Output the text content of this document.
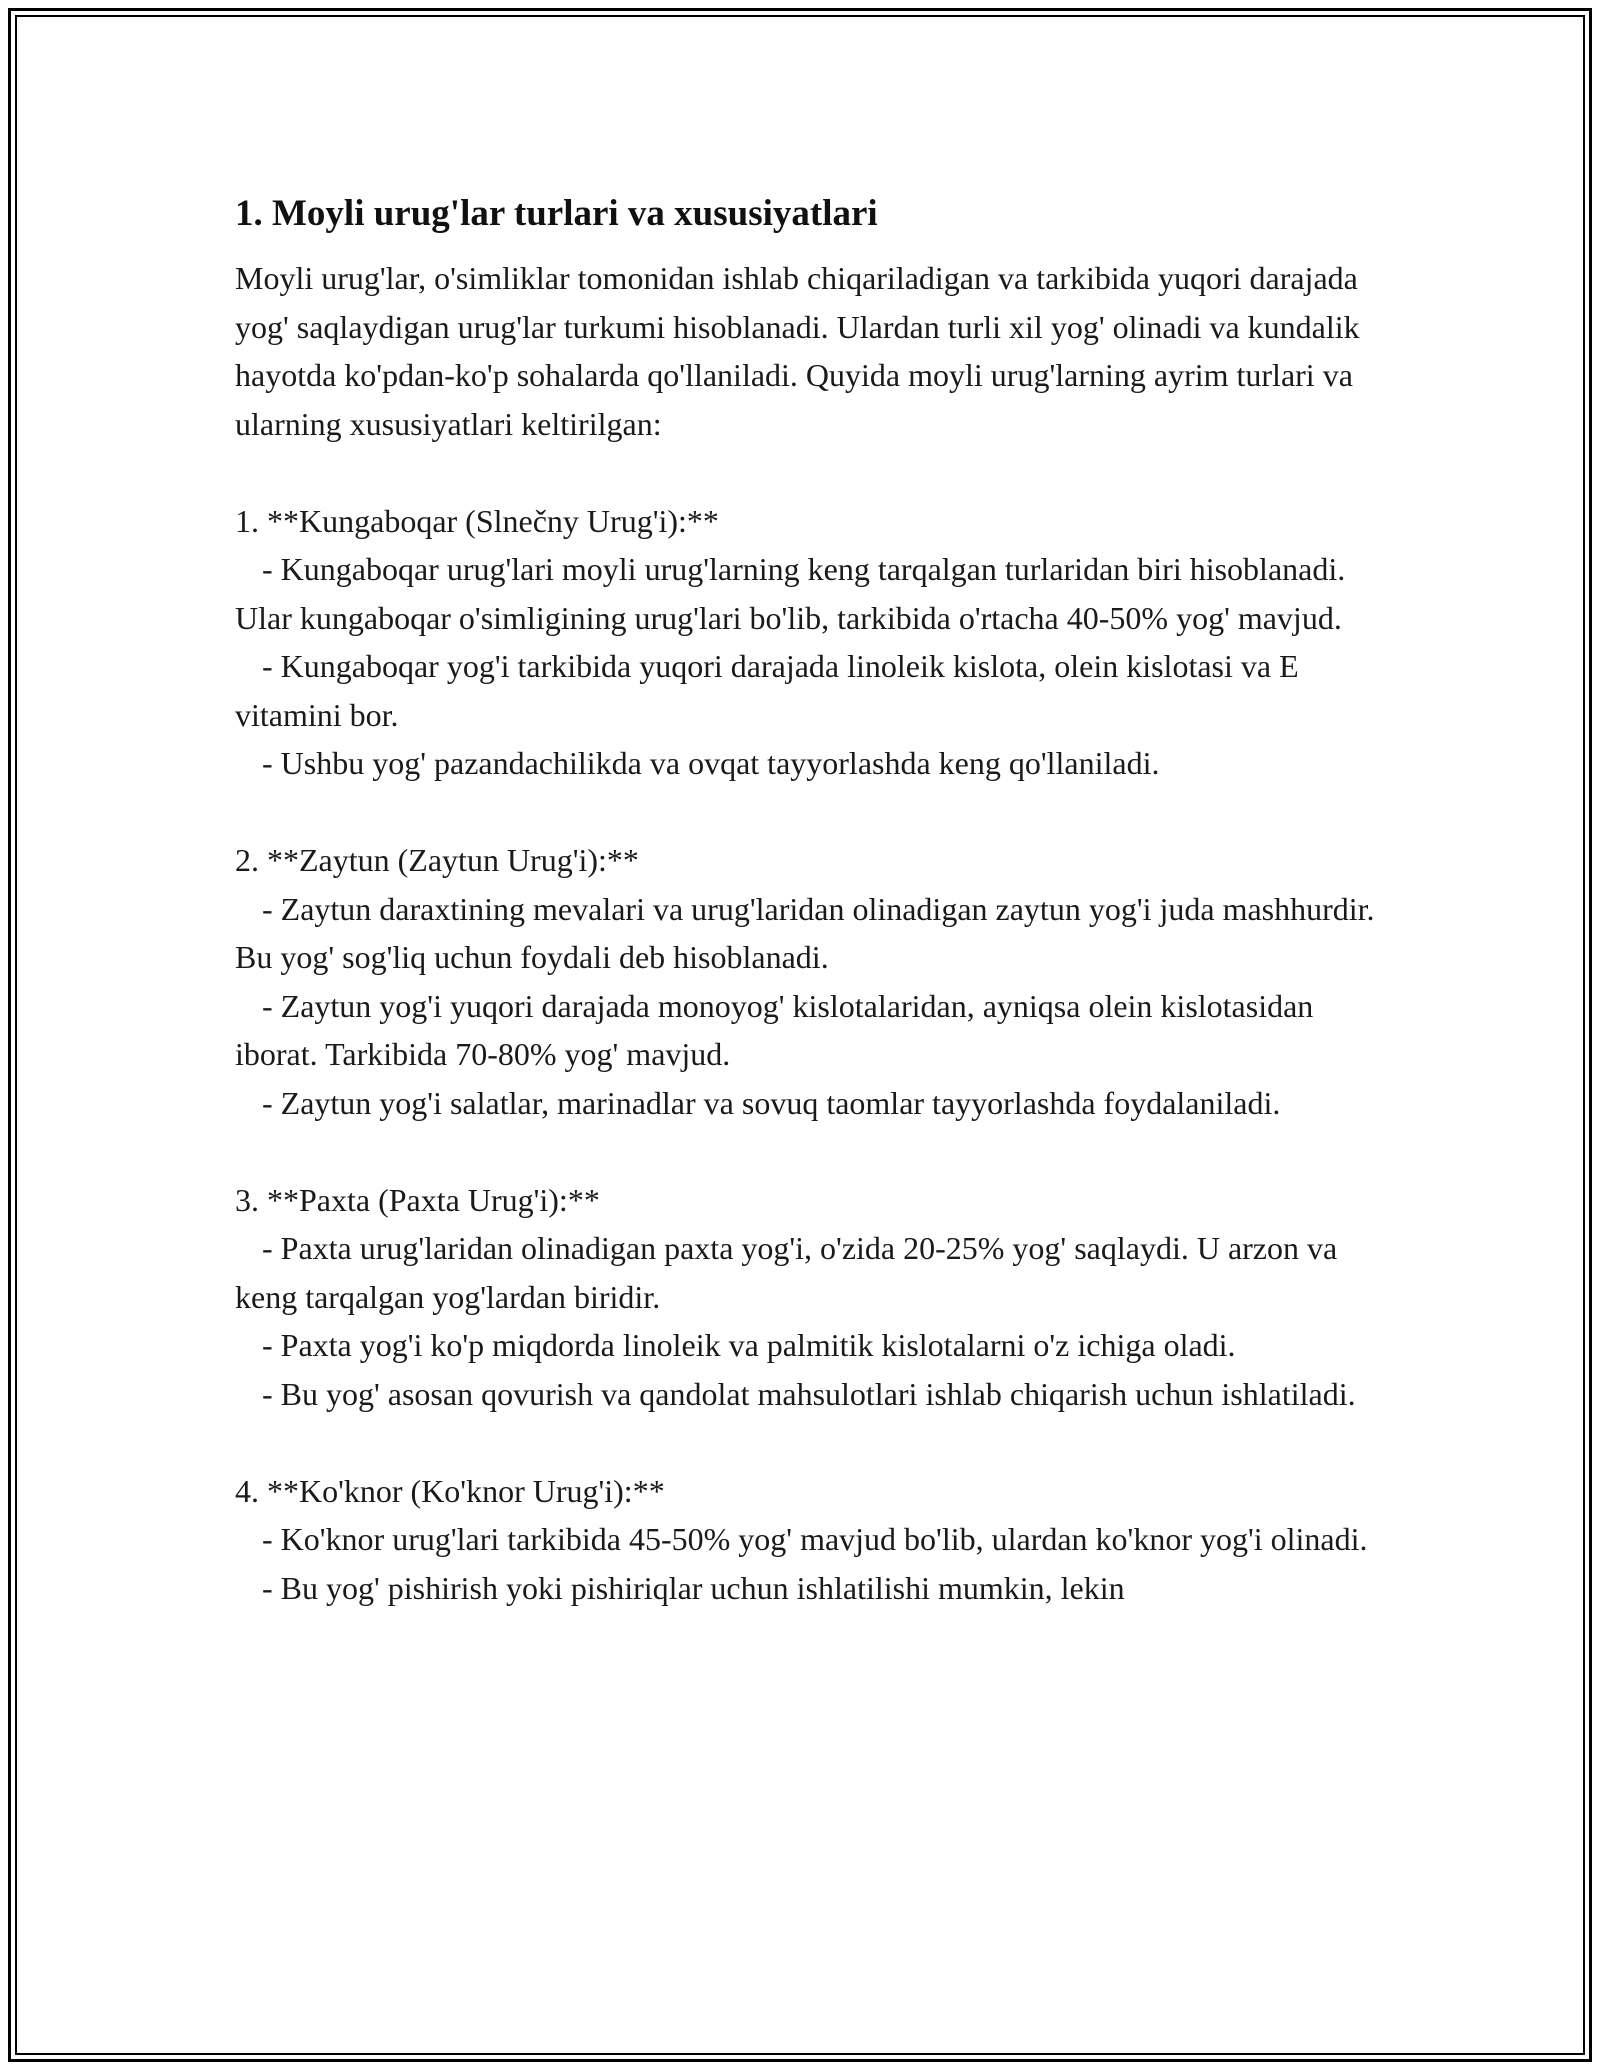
1. Moyli urug'lar turlari va xususiyatlari

Moyli urug'lar, o'simliklar tomonidan ishlab chiqariladigan va tarkibida yuqori darajada yog' saqlaydigan urug'lar turkumi hisoblanadi. Ulardan turli xil yog' olinadi va kundalik hayotda ko'pdan-ko'p sohalarda qo'llaniladi. Quyida moyli urug'larning ayrim turlari va ularning xususiyatlari keltirilgan:

1. **Kungaboqar (Slnečny Urug'i):**
- Kungaboqar urug'lari moyli urug'larning keng tarqalgan turlaridan biri hisoblanadi. Ular kungaboqar o'simligining urug'lari bo'lib, tarkibida o'rtacha 40-50% yog' mavjud.
- Kungaboqar yog'i tarkibida yuqori darajada linoleik kislota, olein kislotasi va E vitamini bor.
- Ushbu yog' pazandachilikda va ovqat tayyorlashda keng qo'llaniladi.
2. **Zaytun (Zaytun Urug'i):**
- Zaytun daraxtining mevalari va urug'laridan olinadigan zaytun yog'i juda mashhurdir. Bu yog' sog'liq uchun foydali deb hisoblanadi.
- Zaytun yog'i yuqori darajada monoyog' kislotalaridan, ayniqsa olein kislotasidan iborat. Tarkibida 70-80% yog' mavjud.
- Zaytun yog'i salatlar, marinadlar va sovuq taomlar tayyorlashda foydalaniladi.
3. **Paxta (Paxta Urug'i):**
- Paxta urug'laridan olinadigan paxta yog'i, o'zida 20-25% yog' saqlaydi. U arzon va keng tarqalgan yog'lardan biridir.
- Paxta yog'i ko'p miqdorda linoleik va palmitik kislotalarni o'z ichiga oladi.
- Bu yog' asosan qovurish va qandolat mahsulotlari ishlab chiqarish uchun ishlatiladi.
4. **Ko'knor (Ko'knor Urug'i):**
- Ko'knor urug'lari tarkibida 45-50% yog' mavjud bo'lib, ulardan ko'knor yog'i olinadi.
- Bu yog' pishirish yoki pishiriqlar uchun ishlatilishi mumkin, lekin
